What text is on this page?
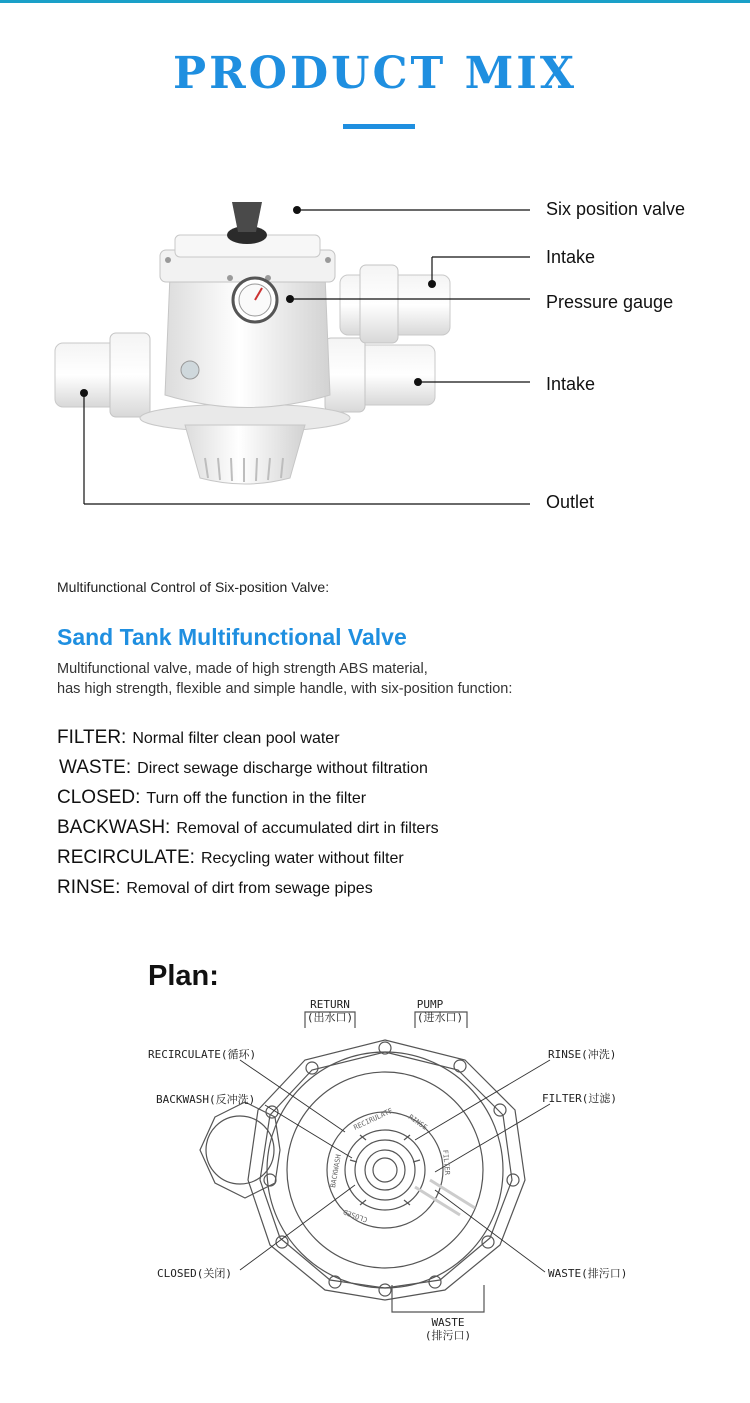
PRODUCT MIX
Six position valve
Intake
Pressure gauge
Intake
Outlet
Multifunctional Control of Six-position Valve:
Sand Tank Multifunctional Valve
Multifunctional valve, made of high strength ABS material,
has high strength, flexible and simple handle, with six-position function:
FILTER: Normal filter clean pool water
WASTE: Direct sewage discharge without filtration
CLOSED: Turn off the function in the filter
BACKWASH: Removal of accumulated dirt in filters
RECIRCULATE: Recycling water without filter
RINSE: Removal of dirt from sewage pipes
Plan:
RETURN
(出水口)
PUMP
(进水口)
RECIRCULATE(循环)
BACKWASH(反冲洗)
CLOSED(关闭)
RINSE(冲洗)
FILTER(过滤)
WASTE(排污口)
WASTE
(排污口)
RECIRULATE RINSE
BACKWASH	FILTER
CLOSED
